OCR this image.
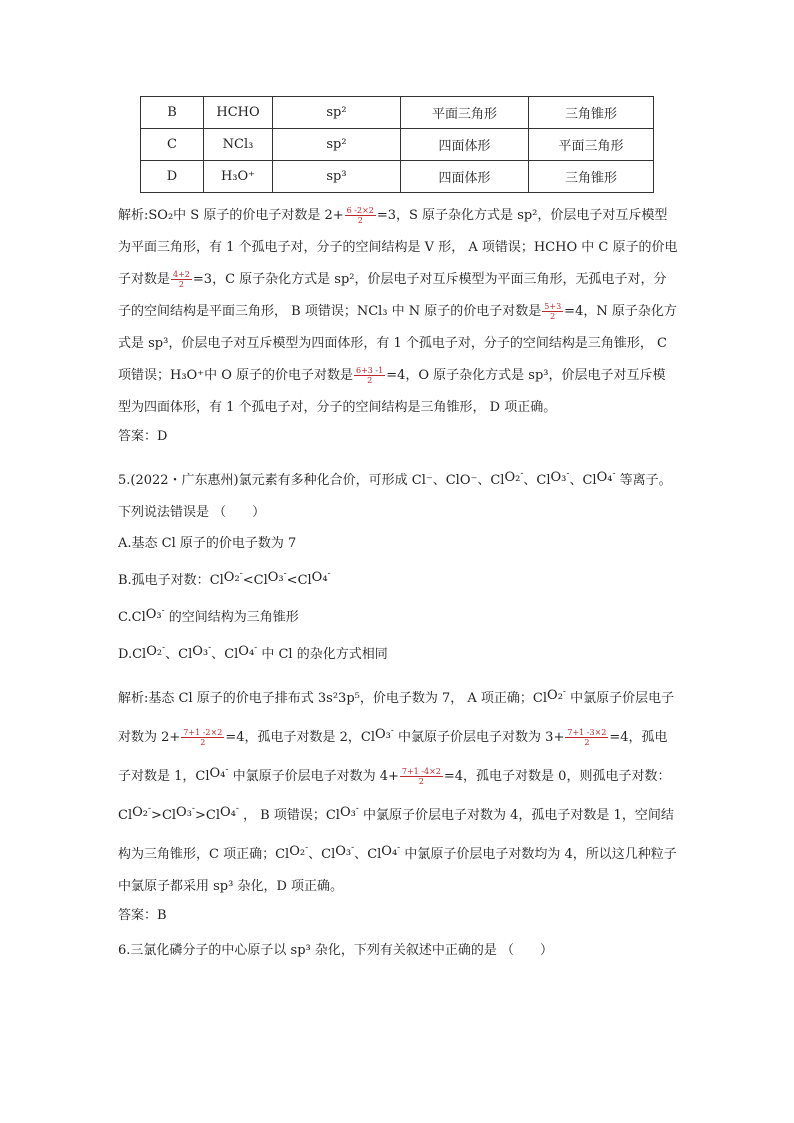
B	HCHO	sp²	平面三角形	三角锥形
C	NCl₃	sp²	四面体形	平面三角形
D	H₃O⁺	sp³	四面体形	三角锥形

解析:SO₂中 S 原子的价电子对数是 $2+ \frac{6 -2\times 2}{2} =3$，S 原子杂化方式是 sp²，价层电子对互斥模型为平面三角形，有 1 个孤电子对，分子的空间结构是 V 形， A 项错误；HCHO 中 C 原子的价电子对数是 $\frac{4+2}{2} =3$，C 原子杂化方式是 sp²，价层电子对互斥模型为平面三角形，无孤电子对，分子的空间结构是平面三角形， B 项错误；NCl₃ 中 N 原子的价电子对数是 $\frac{5+3}{2} =4$，N 原子杂化方式是 sp³，价层电子对互斥模型为四面体形，有 1 个孤电子对，分子的空间结构是三角锥形， C 项错误；H₃O⁺中 O 原子的价电子对数是 $\frac{6+3 -1}{2} =4$，O 原子杂化方式是 sp³，价层电子对互斥模型为四面体形，有 1 个孤电子对，分子的空间结构是三角锥形， D 项正确。

答案：D

5.(2022・广东惠州)氯元素有多种化合价，可形成 Cl⁻、ClO⁻、ClO₂-、ClO₃-、ClO₄- 等离子。下列说法错误是 （　　）

A.基态 Cl 原子的价电子数为 7

B.孤电子对数：ClO₂-<ClO₃-<ClO₄-

C.ClO₃- 的空间结构为三角锥形

D.ClO₂-、ClO₃-、ClO₄- 中 Cl 的杂化方式相同

解析:基态 Cl 原子的价电子排布式 3s²3p⁵，价电子数为 7， A 项正确；ClO₂- 中氯原子价层电子对数为 $2+ \frac{7+1 -2\times 2}{2} =4$，孤电子对数是 2，ClO₃- 中氯原子价层电子对数为 $3+ \frac{7+1 -3\times 2}{2} =4$，孤电子对数是 1，ClO₄- 中氯原子价层电子对数为 $4+ \frac{7+1 -4\times 2}{2} =4$，孤电子对数是 0，则孤电子对数：ClO₂->ClO₃->ClO₄- ， B 项错误；ClO₃- 中氯原子价层电子对数为 4，孤电子对数是 1，空间结构为三角锥形，C 项正确；ClO₂-、ClO₃-、ClO₄- 中氯原子价层电子对数均为 4，所以这几种粒子中氯原子都采用 sp³ 杂化，D 项正确。

答案：B

6.三氯化磷分子的中心原子以 sp³ 杂化，下列有关叙述中正确的是 （　　）
